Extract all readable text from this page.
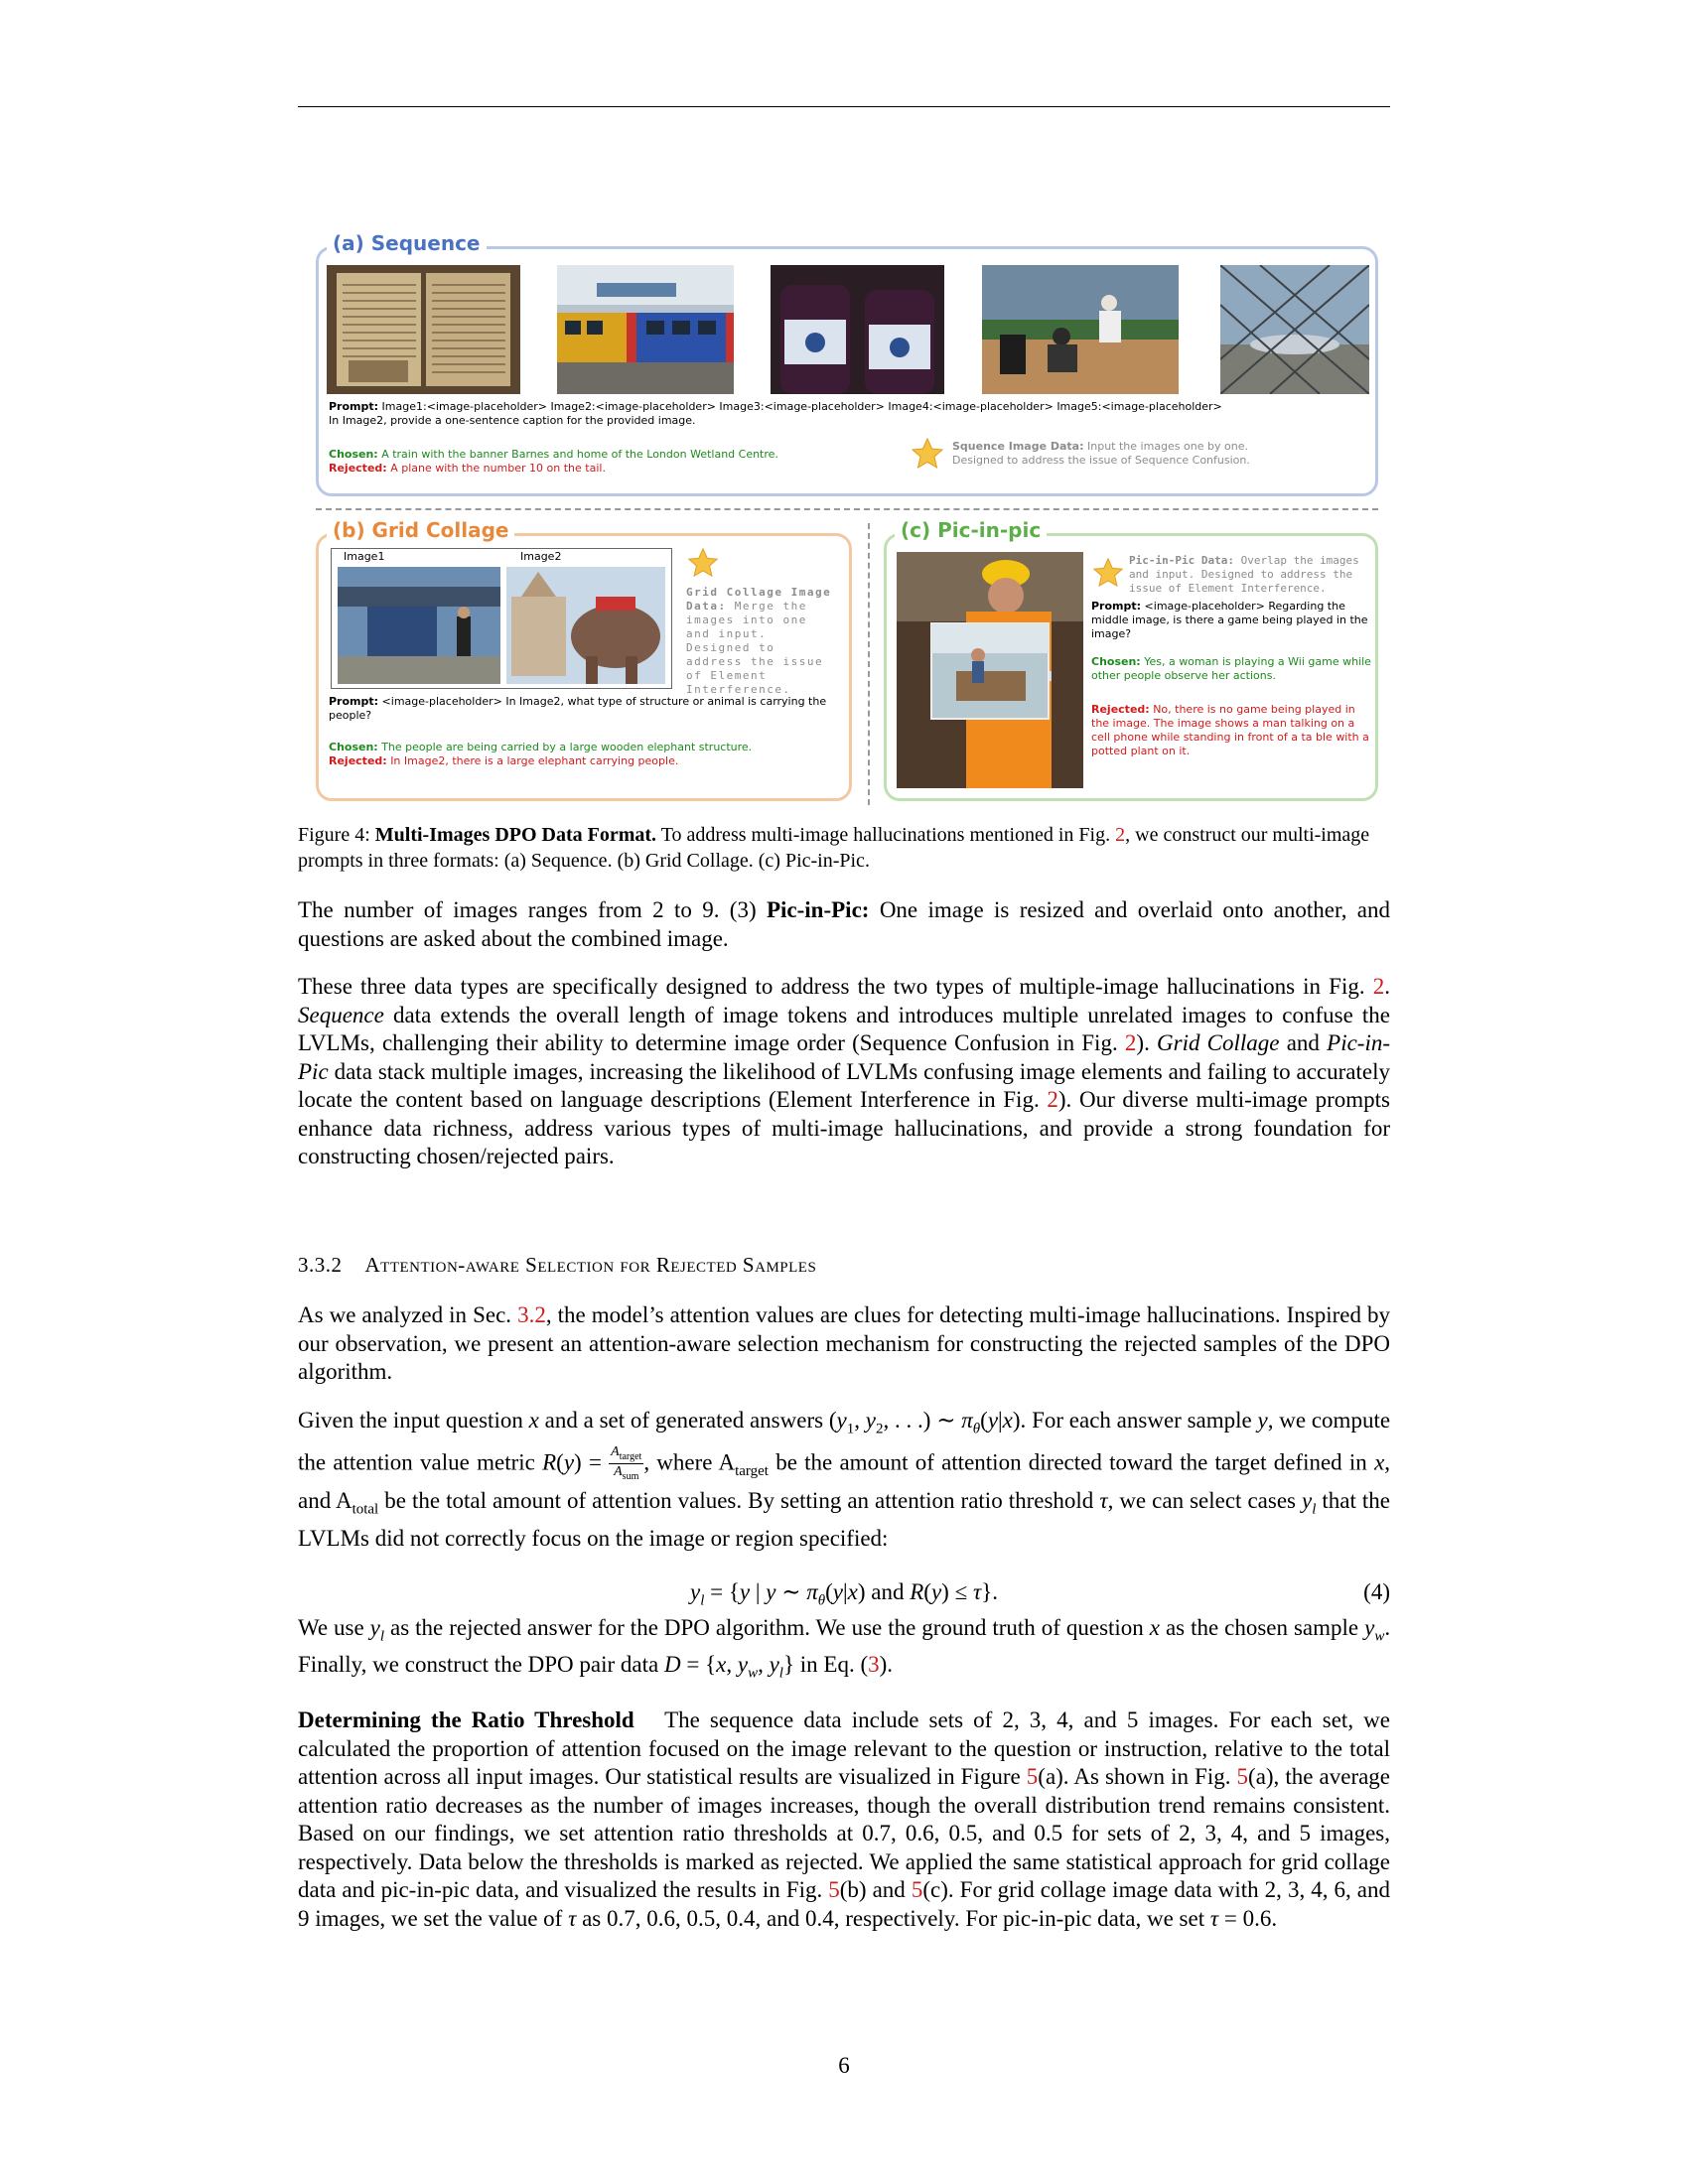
(a) Sequence
Prompt: Image1:<image-placeholder> Image2:<image-placeholder> Image3:<image-placeholder> Image4:<image-placeholder> Image5:<image-placeholder>
In Image2, provide a one-sentence caption for the provided image.
Chosen: A train with the banner Barnes and home of the London Wetland Centre.
Rejected: A plane with the number 10 on the tail.
Squence Image Data: Input the images one by one.
Designed to address the issue of Sequence Confusion.
(b) Grid Collage
Image1	Image2
Grid Collage Image Data: Merge the images into one and input. Designed to address the issue of Element Interference.
Prompt: <image-placeholder> In Image2, what type of structure or animal is carrying the people?
Chosen: The people are being carried by a large wooden elephant structure.
Rejected: In Image2, there is a large elephant carrying people.
(c) Pic-in-pic
Pic-in-Pic Data: Overlap the images and input. Designed to address the issue of Element Interference.
Prompt: <image-placeholder> Regarding the middle image, is there a game being played in the image?
Chosen: Yes, a woman is playing a Wii game while other people observe her actions.
Rejected: No, there is no game being played in the image. The image shows a man talking on a cell phone while standing in front of a ta ble with a potted plant on it.
Figure 4: Multi-Images DPO Data Format. To address multi-image hallucinations mentioned in Fig. 2, we construct our multi-image prompts in three formats: (a) Sequence. (b) Grid Collage. (c) Pic-in-Pic.

The number of images ranges from 2 to 9. (3) Pic-in-Pic: One image is resized and overlaid onto another, and questions are asked about the combined image.

These three data types are specifically designed to address the two types of multiple-image hallucinations in Fig. 2. Sequence data extends the overall length of image tokens and introduces multiple unrelated images to confuse the LVLMs, challenging their ability to determine image order (Sequence Confusion in Fig. 2). Grid Collage and Pic-in-Pic data stack multiple images, increasing the likelihood of LVLMs confusing image elements and failing to accurately locate the content based on language descriptions (Element Interference in Fig. 2). Our diverse multi-image prompts enhance data richness, address various types of multi-image hallucinations, and provide a strong foundation for constructing chosen/rejected pairs.

3.3.2 Attention-aware Selection for Rejected Samples

As we analyzed in Sec. 3.2, the model’s attention values are clues for detecting multi-image hallucinations. Inspired by our observation, we present an attention-aware selection mechanism for constructing the rejected samples of the DPO algorithm.

Given the input question x and a set of generated answers ($y_1$, $y_2$, . . .) ∼ $\pi_\theta(y|x)$. For each answer sample y, we compute the attention value metric $R(y) = A_{target}$
$A_{sum}$
, where $A_{target}$ be the amount of attention directed toward the target defined in x, and $A_{total}$ be the total amount of attention values. By setting an attention ratio threshold τ, we can select cases $y_l$ that the LVLMs did not correctly focus on the image or region specified:

$y_l = \{y$ | y ∼ $\pi_\theta(y|x)$ and R(y) ≤ τ}.	(4)

We use $y_l$ as the rejected answer for the DPO algorithm. We use the ground truth of question x as the chosen sample $y_w$. Finally, we construct the DPO pair data D = {x, $y_w$, $y_l$} in Eq. (3).

Determining the Ratio Threshold The sequence data include sets of 2, 3, 4, and 5 images. For each set, we calculated the proportion of attention focused on the image relevant to the question or instruction, relative to the total attention across all input images. Our statistical results are visualized in Figure 5(a). As shown in Fig. 5(a), the average attention ratio decreases as the number of images increases, though the overall distribution trend remains consistent. Based on our findings, we set attention ratio thresholds at 0.7, 0.6, 0.5, and 0.5 for sets of 2, 3, 4, and 5 images, respectively. Data below the thresholds is marked as rejected. We applied the same statistical approach for grid collage data and pic-in-pic data, and visualized the results in Fig. 5(b) and 5(c). For grid collage image data with 2, 3, 4, 6, and 9 images, we set the value of τ as 0.7, 0.6, 0.5, 0.4, and 0.4, respectively. For pic-in-pic data, we set τ = 0.6.

6
